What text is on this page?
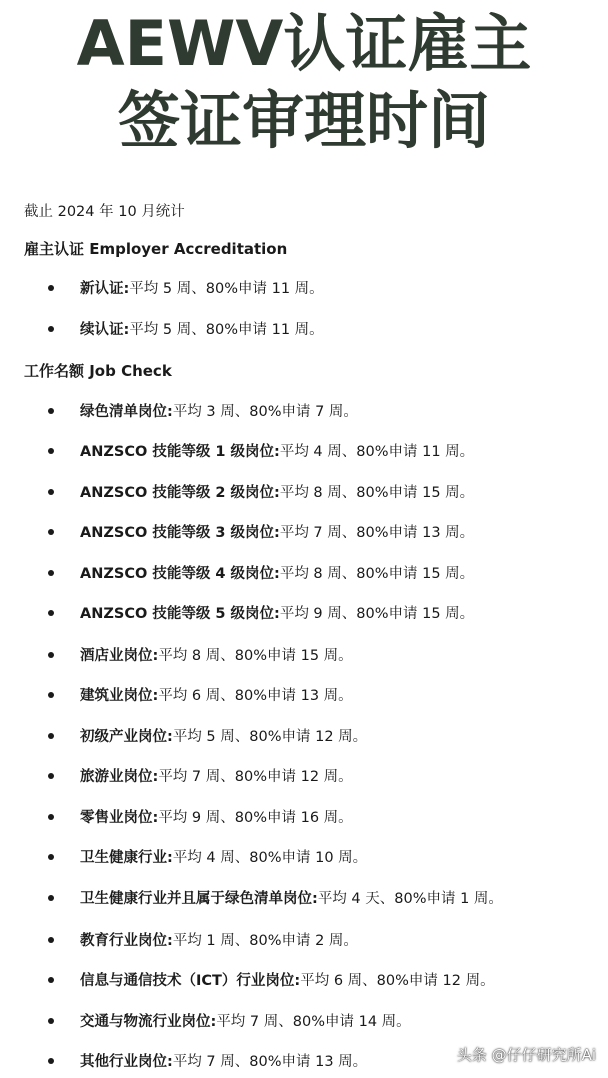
AEWV认证雇主
签证审理时间
截止 2024 年 10 月统计
雇主认证 Employer Accreditation
新认证: 平均 5 周、80%申请 11 周。
续认证: 平均 5 周、80%申请 11 周。
工作名额 Job Check
绿色清单岗位: 平均 3 周、80%申请 7 周。
ANZSCO 技能等级 1 级岗位: 平均 4 周、80%申请 11 周。
ANZSCO 技能等级 2 级岗位: 平均 8 周、80%申请 15 周。
ANZSCO 技能等级 3 级岗位: 平均 7 周、80%申请 13 周。
ANZSCO 技能等级 4 级岗位: 平均 8 周、80%申请 15 周。
ANZSCO 技能等级 5 级岗位: 平均 9 周、80%申请 15 周。
酒店业岗位: 平均 8 周、80%申请 15 周。
建筑业岗位: 平均 6 周、80%申请 13 周。
初级产业岗位: 平均 5 周、80%申请 12 周。
旅游业岗位: 平均 7 周、80%申请 12 周。
零售业岗位: 平均 9 周、80%申请 16 周。
卫生健康行业: 平均 4 周、80%申请 10 周。
卫生健康行业并且属于绿色清单岗位: 平均 4 天、80%申请 1 周。
教育行业岗位: 平均 1 周、80%申请 2 周。
信息与通信技术（ICT）行业岗位: 平均 6 周、80%申请 12 周。
交通与物流行业岗位: 平均 7 周、80%申请 14 周。
其他行业岗位: 平均 7 周、80%申请 13 周。	头条 @仔仔研究所Ai
